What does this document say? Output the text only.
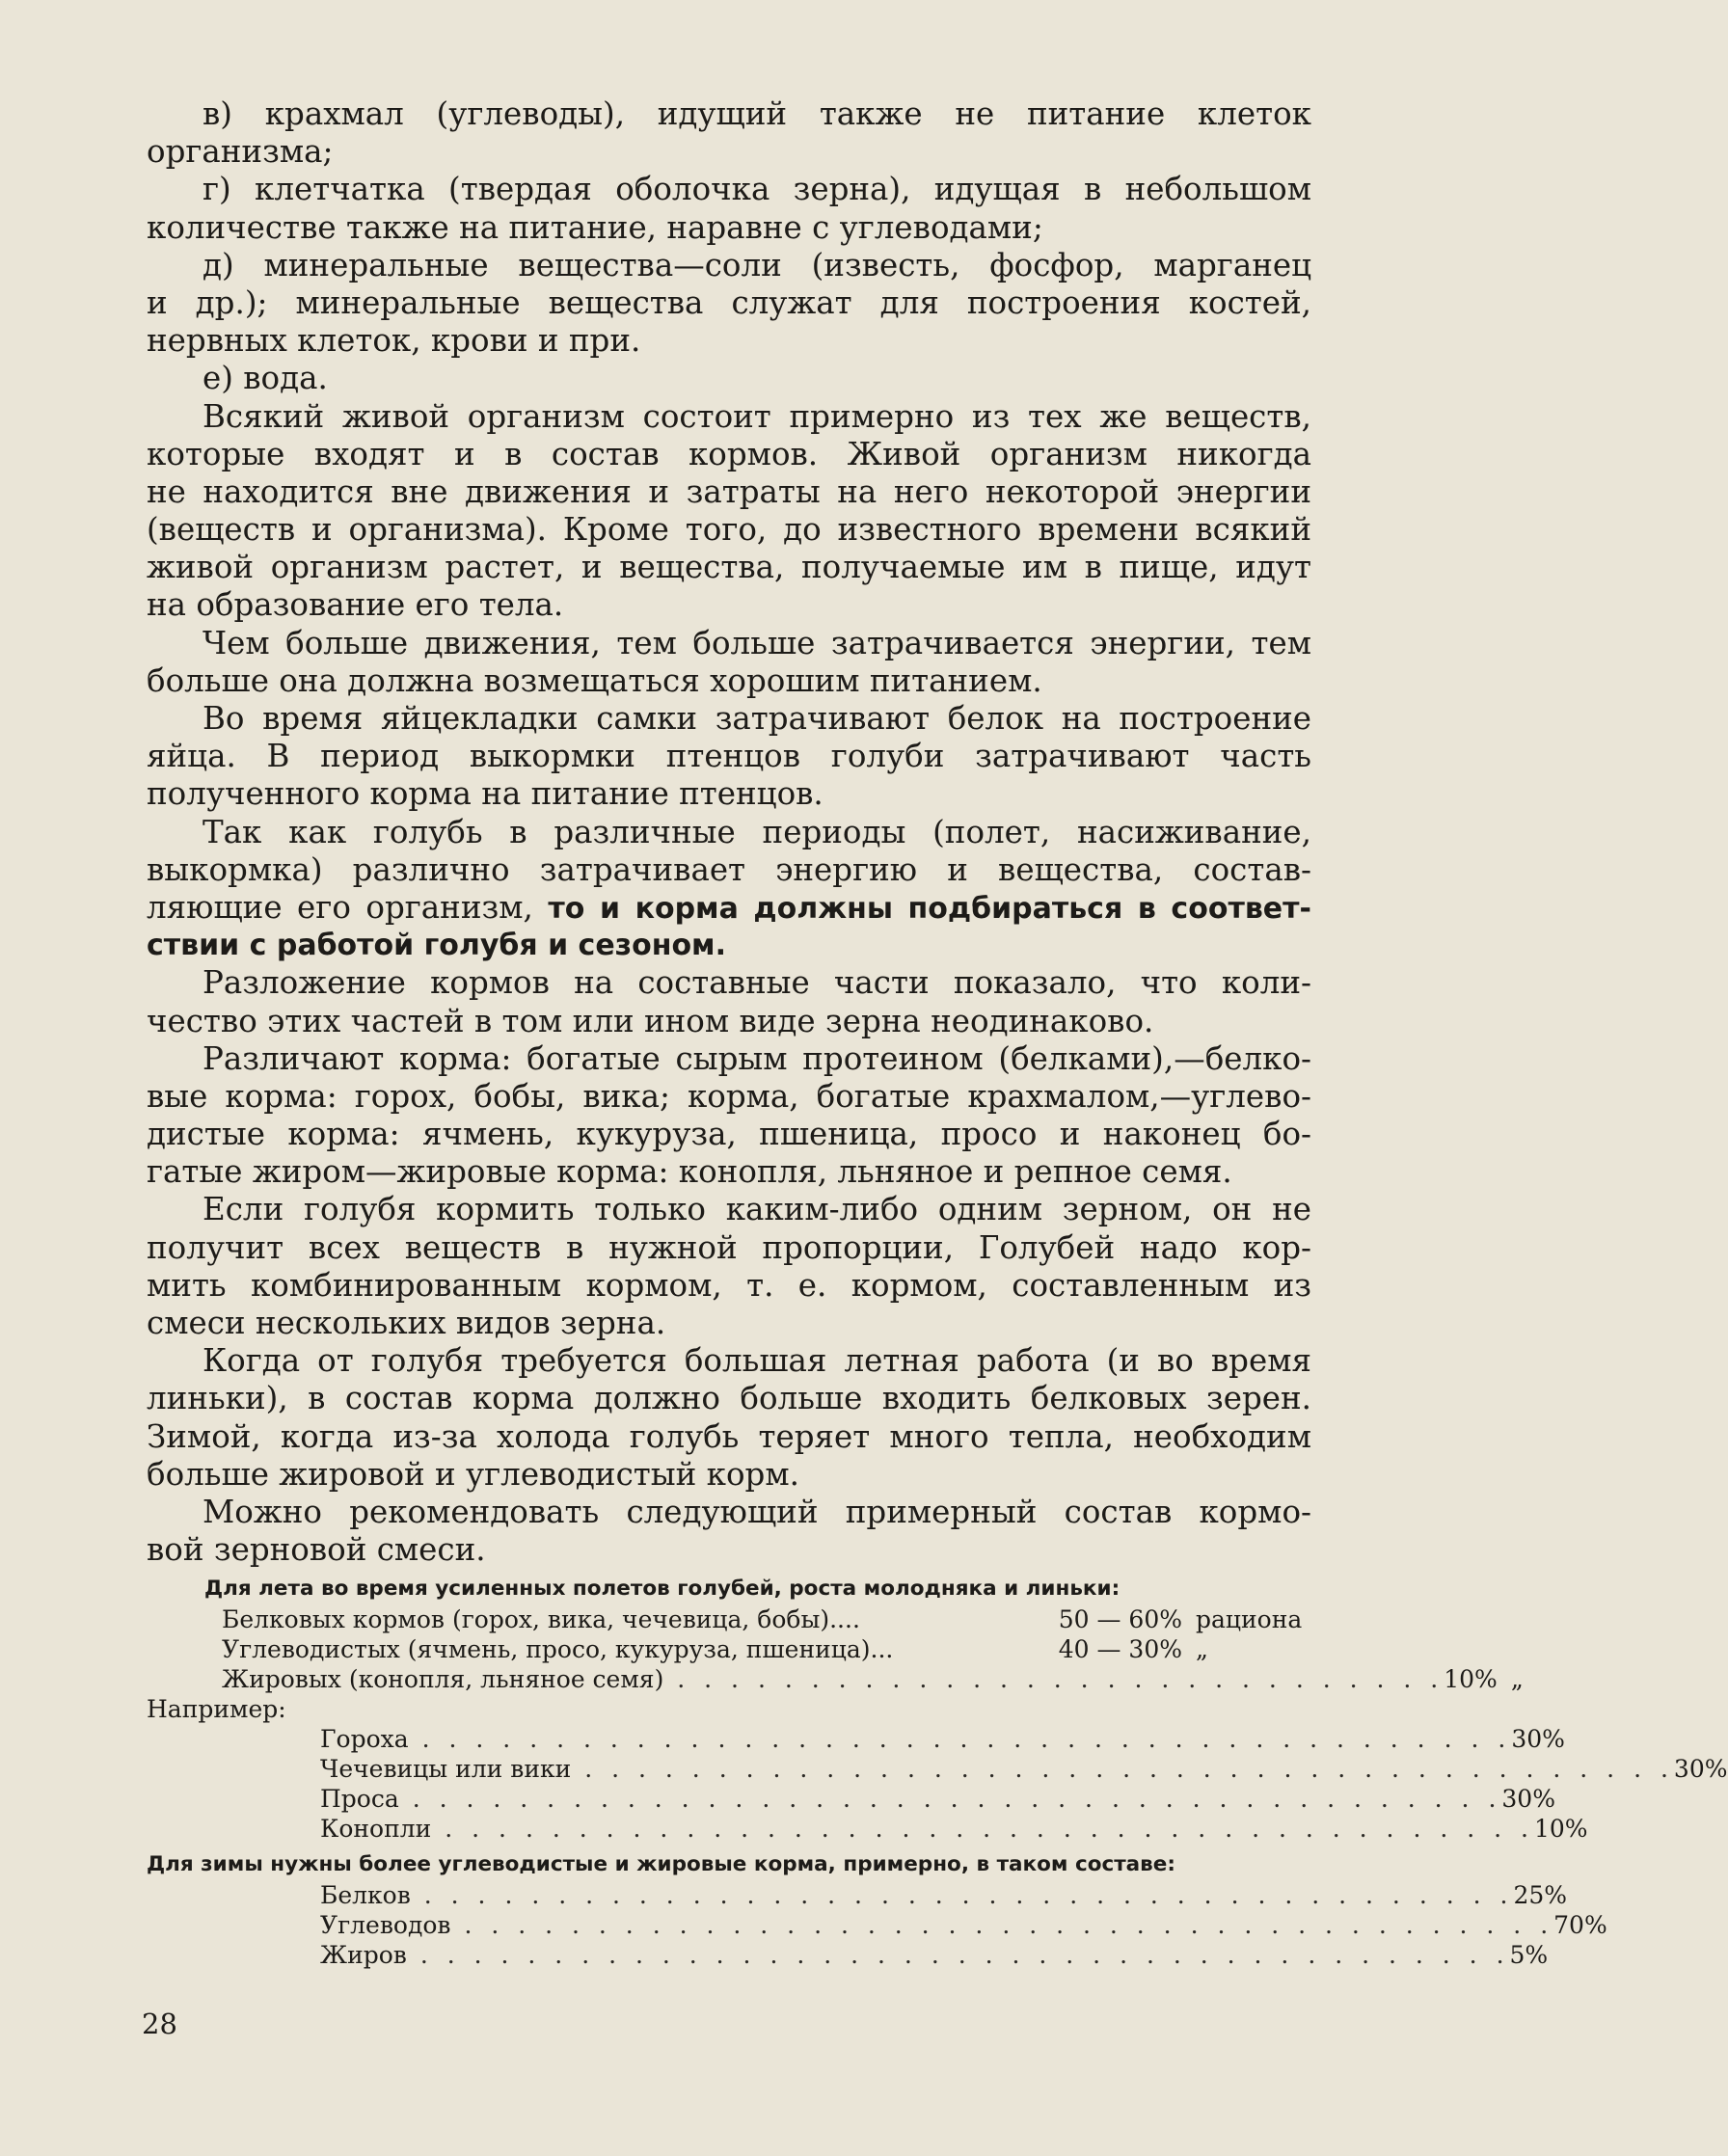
в) крахмал (углеводы), идущий также не питание клеток
организма;
г) клетчатка (твердая оболочка зерна), идущая в небольшом
количестве также на питание, наравне с углеводами;
д) минеральные вещества—соли (известь, фосфор, марганец
и др.); минеральные вещества служат для построения костей,
нервных клеток, крови и при.
е) вода.
Всякий живой организм состоит примерно из тех же веществ,
которые входят и в состав кормов. Живой организм никогда
не находится вне движения и затраты на него некоторой энергии
(веществ и организма). Кроме того, до известного времени всякий
живой организм растет, и вещества, получаемые им в пище, идут
на образование его тела.
Чем больше движения, тем больше затрачивается энергии, тем
больше она должна возмещаться хорошим питанием.
Во время яйцекладки самки затрачивают белок на построение
яйца. В период выкормки птенцов голуби затрачивают часть
полученного корма на питание птенцов.
Так как голубь в различные периоды (полет, насиживание,
выкормка) различно затрачивает энергию и вещества, состав-
ляющие его организм, то и корма должны подбираться в соответ-
ствии с работой голубя и сезоном.
Разложение кормов на составные части показало, что коли-
чество этих частей в том или ином виде зерна неодинаково.
Различают корма: богатые сырым протеином (белками),—белко-
вые корма: горох, бобы, вика; корма, богатые крахмалом,—углево-
дистые корма: ячмень, кукуруза, пшеница, просо и наконец бо-
гатые жиром—жировые корма: конопля, льняное и репное семя.
Если голубя кормить только каким-либо одним зерном, он не
получит всех веществ в нужной пропорции, Голубей надо кор-
мить комбинированным кормом, т. е. кормом, составленным из
смеси нескольких видов зерна.
Когда от голубя требуется большая летная работа (и во время
линьки), в состав корма должно больше входить белковых зерен.
Зимой, когда из-за холода голубь теряет много тепла, необходим
больше жировой и углеводистый корм.
Можно рекомендовать следующий примерный состав кормо-
вой зерновой смеси.
Для лета во время усиленных полетов голубей, роста молодняка и линьки:
Белковых кормов (горох, вика, чечевица, бобы)....	50 — 60% рациона
Углеводистых (ячмень, просо, кукуруза, пшеница)...	40 — 30% „
Жировых (конопля, льняное семя) . . . . . . . . . . . . . . . . . . . . . . . . . . . . . 10% „
Например:
Гороха . . . . . . . . . . . . . . . . . . . . . . . . . . . . . . . . . . . . . . . . . 30%
Чечевицы или вики . . . . . . . . . . . . . . . . . . . . . . . . . . . . . . . . . . . . . . . . . 30%
Проса . . . . . . . . . . . . . . . . . . . . . . . . . . . . . . . . . . . . . . . . . 30%
Конопли . . . . . . . . . . . . . . . . . . . . . . . . . . . . . . . . . . . . . . . . . 10%
Для зимы нужны более углеводистые и жировые корма, примерно, в таком составе:
Белков . . . . . . . . . . . . . . . . . . . . . . . . . . . . . . . . . . . . . . . . . 25%
Углеводов . . . . . . . . . . . . . . . . . . . . . . . . . . . . . . . . . . . . . . . . . 70%
Жиров . . . . . . . . . . . . . . . . . . . . . . . . . . . . . . . . . . . . . . . . . 5%
28
